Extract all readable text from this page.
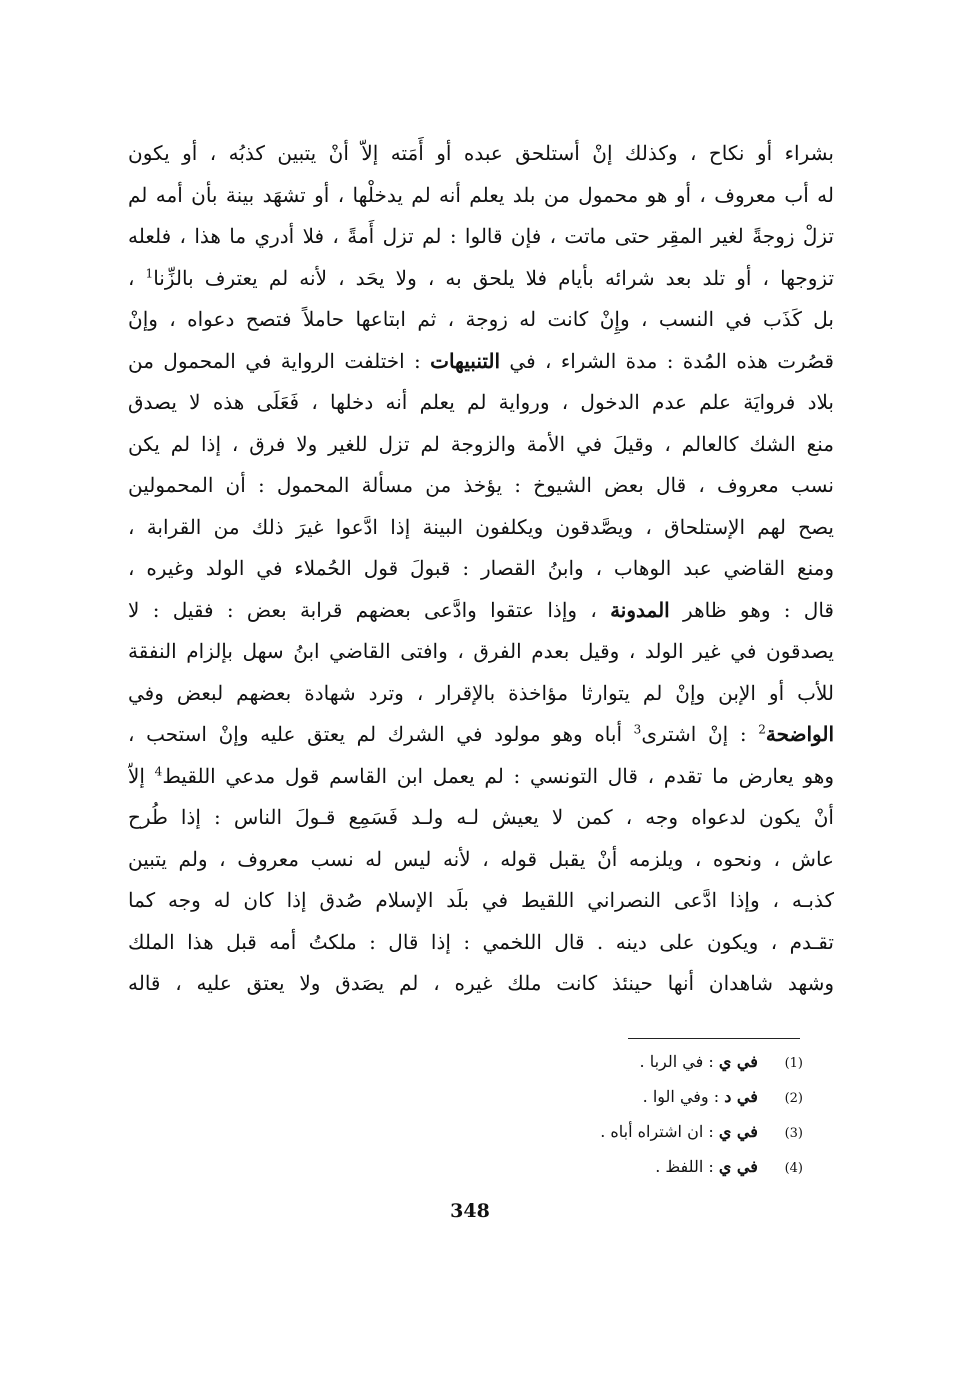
بشراء أو نكاح ، وكذلك إنْ أستلحق عبده أو أَمَته إلاّ أنْ يتبين كذبُه ، أو يكون
له أب معروف ، أو هو محمول من بلد يعلم أنه لم يدخلْها ، أو تشهَد بينة بأن أمه لم
تزلْ زوجةً لغير المقِر حتى ماتت ، فإن قالوا : لم تزل أَمةً ، فلا أدري ما هذا ، فلعله
تزوجها ، أو تلد بعد شرائه بأيام فلا يلحق به ، ولا يحَد ، لأنه لم يعترف بالزِّنا$^1$ ،
بل كَذَب في النسب ، وإِنْ كانت له زوجة ، ثم ابتاعها حاملاً فتصح دعواه ، وإنْ
قصُرت هذه المُدة : مدة الشراء ، في التنبيهات : اختلفت الرواية في المحمول من
بلاد فروايَة علم عدم الدخول ، ورواية لم يعلم أنه دخلها ، فَعَلَى هذه لا يصدق
منع الشك كالعالم ، وقيلَ في الأمة والزوجة لم تزل للغير ولا فرق ، إذا لم يكن
نسب معروف ، قال بعض الشيوخ : يؤخذ من مسألة المحمول : أن المحمولين
يصح لهم الإستلحاق ، ويصَّدقون ويكلفون البينة إذا ادَّعوا غيرَ ذلك من القرابة ،
ومنع القاضي عبد الوهاب ، وابنُ القصار : قبولَ قول الحُملاء في الولد وغيره ،
قال : وهو ظاهر المدونة ، وإذا عتقوا وادَّعى بعضهم قرابة بعض : فقيل : لا
يصدقون في غير الولد ، وقيل بعدم الفرق ، وافتى القاضي ابنُ سهل بإلزام النفقة
للأب أو الإبن وإنْ لم يتوارثا مؤاخذة بالإقرار ، وترد شهادة بعضهم لبعض وفي
الواضحة$^2$ : إنْ اشترى$^3$ أباه وهو مولود في الشرك لم يعتق عليه وإنْ استحب ،
وهو يعارض ما تقدم ، قال التونسي : لم يعمل ابن القاسم قول مدعي اللقيط$^4$ إلاّ
أنْ يكون لدعواه وجه ، كمن لا يعيش لـه ولـد فَسَمِع قـولَ الناس : إذا طُرح
عاش ، ونحوه ، ويلزمه أنْ يقبل قوله ، لأنه ليس له نسب معروف ، ولم يتبين
كذبـه ، وإذا ادَّعى النصراني اللقيط في بلَد الإسلام صُدق إذا كان له وجه كما
تقـدم ، ويكون على دينه . قال اللخمي : إذا قال : ملكتُ أمه قبل هذا الملك
وشهد شاهدان أنها حينئذ كانت ملك غيره ، لم يصَدق ولا يعتق عليه ، قاله
(1) في ي : في الربا .
(2) في د : وفي الوا .
(3) في ي : ان اشتراه أباه .
(4) في ي : اللفظ .
348
